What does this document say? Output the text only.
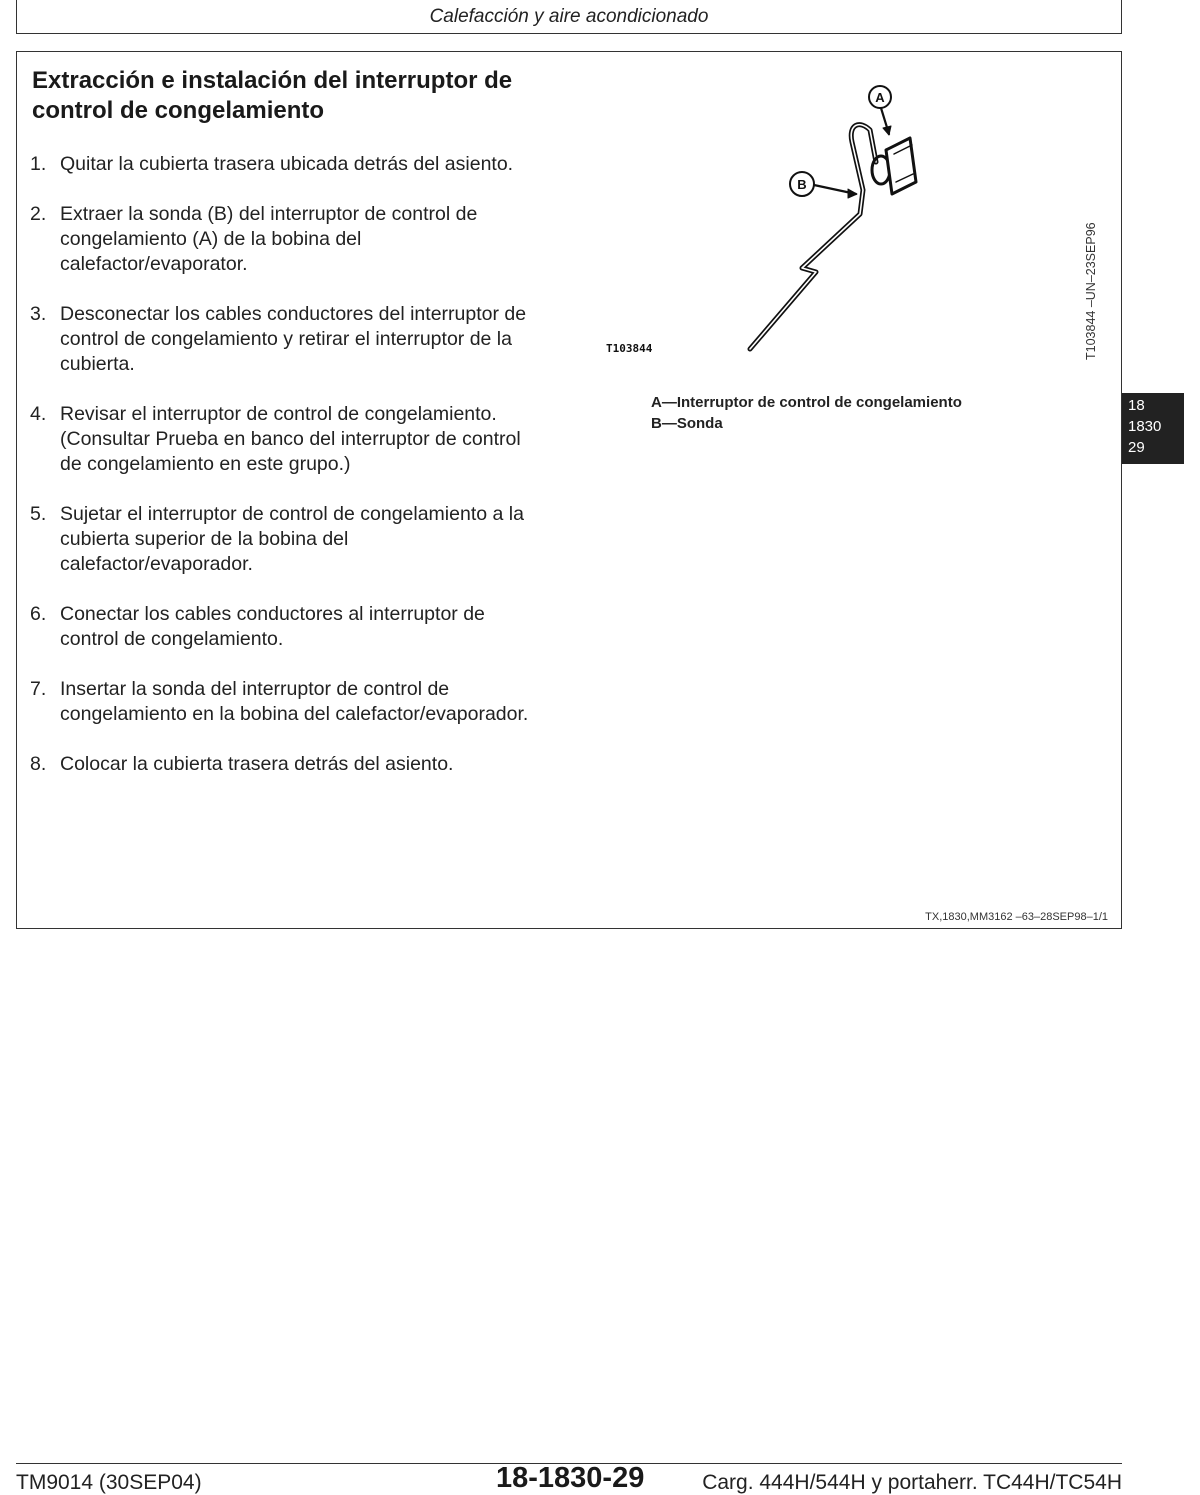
Calefacción y aire acondicionado
Extracción e instalación del interruptor de
control de congelamiento
1. Quitar la cubierta trasera ubicada detrás del asiento.
2. Extraer la sonda (B) del interruptor de control de
congelamiento (A) de la bobina del
calefactor/evaporator.
3. Desconectar los cables conductores del interruptor de
control de congelamiento y retirar el interruptor de la
cubierta.
4. Revisar el interruptor de control de congelamiento.
(Consultar Prueba en banco del interruptor de control
de congelamiento en este grupo.)
5. Sujetar el interruptor de control de congelamiento a la
cubierta superior de la bobina del
calefactor/evaporador.
6. Conectar los cables conductores al interruptor de
control de congelamiento.
7. Insertar la sonda del interruptor de control de
congelamiento en la bobina del calefactor/evaporador.
8. Colocar la cubierta trasera detrás del asiento.
A
B
T103844	T103844 –UN–23SEP96
A—Interruptor de control de congelamiento
B—Sonda
18
1830
29
TX,1830,MM3162 –63–28SEP98–1/1
TM9014 (30SEP04)	18-1830-29	Carg. 444H/544H y portaherr. TC44H/TC54H
